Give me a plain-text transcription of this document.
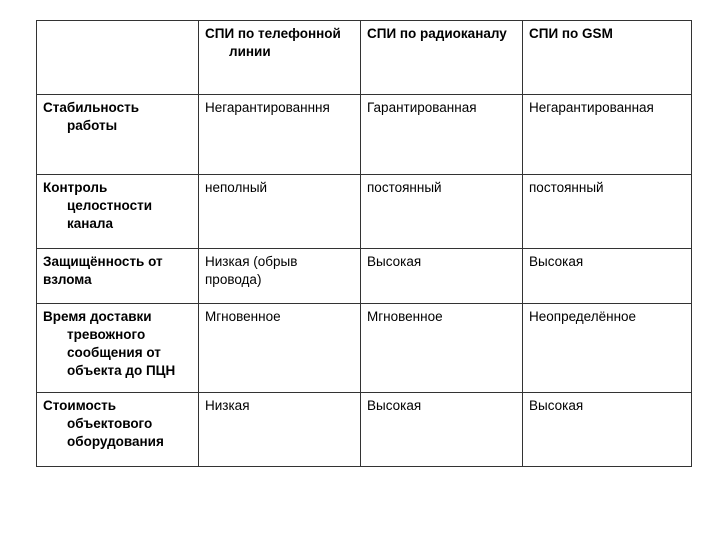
	СПИ по телефонной линии	СПИ по радиоканалу	СПИ по GSM

Стабильность работы	Негарантированння	Гарантированная	Негарантированная

Контроль целостности канала	неполный	постоянный	постоянный
Защищённость от взлома	Низкая (обрыв провода)	Высокая	Высокая

Время доставки тревожного сообщения от объекта до ПЦН	Мгновенное	Мгновенное	Неопределённое

Стоимость объектового оборудования	Низкая	Высокая	Высокая
